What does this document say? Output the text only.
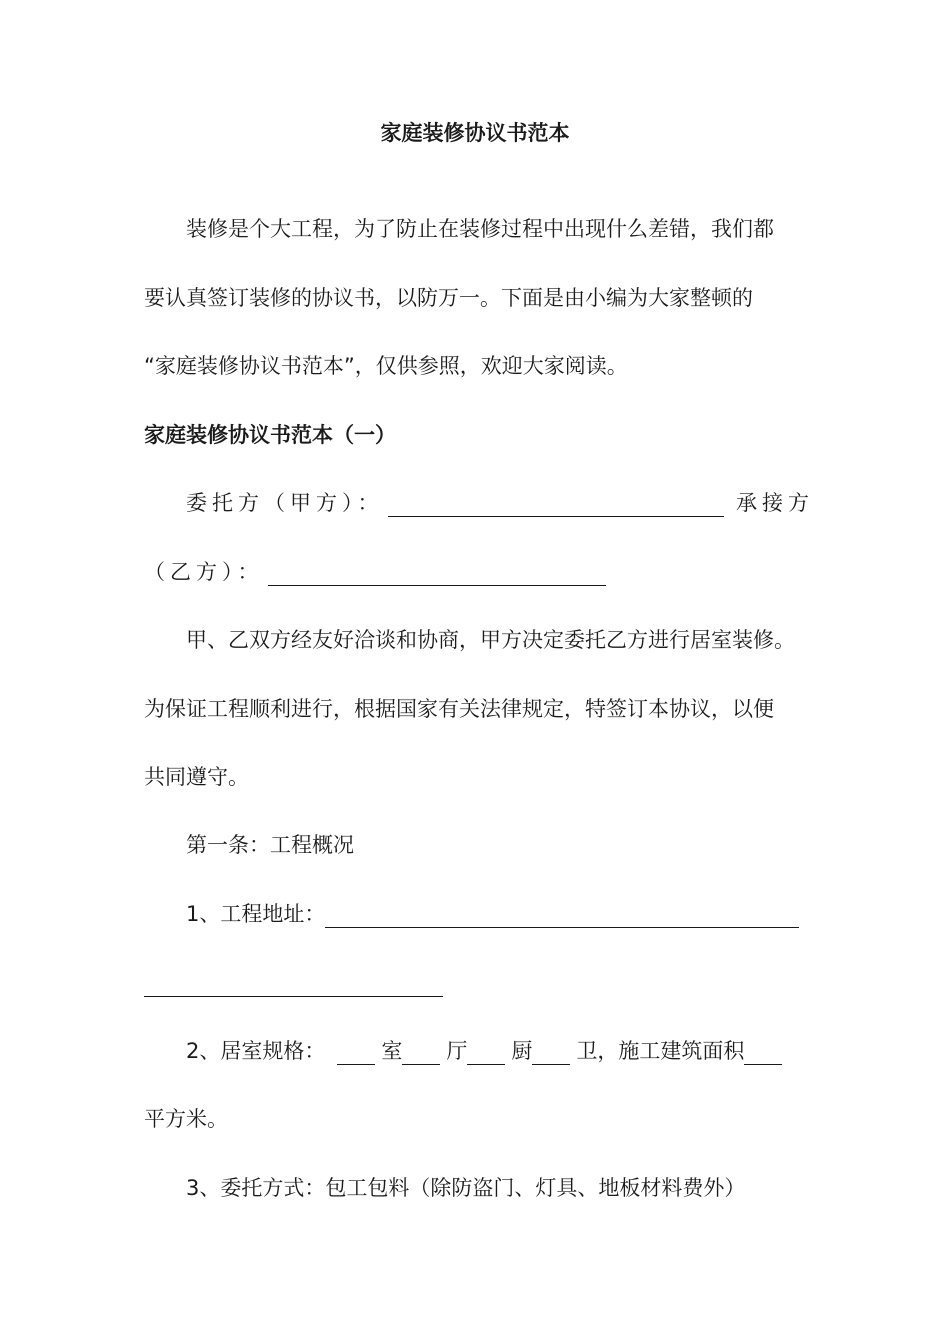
家庭装修协议书范本
装修是个大工程，为了防止在装修过程中出现什么差错，我们都
要认真签订装修的协议书，以防万一。下面是由小编为大家整顿的
“家庭装修协议书范本”，仅供参照，欢迎大家阅读。
家庭装修协议书范本（一）
委托方（甲方）：	承接方
（乙方）：
甲、乙双方经友好洽谈和协商，甲方决定委托乙方进行居室装修。
为保证工程顺利进行，根据国家有关法律规定，特签订本协议，以便
共同遵守。
第一条：工程概况
1、工程地址：
2、居室规格：	室 厅 厨 卫，施工建筑面积
平方米。
3、委托方式：包工包料（除防盗门、灯具、地板材料费外）
